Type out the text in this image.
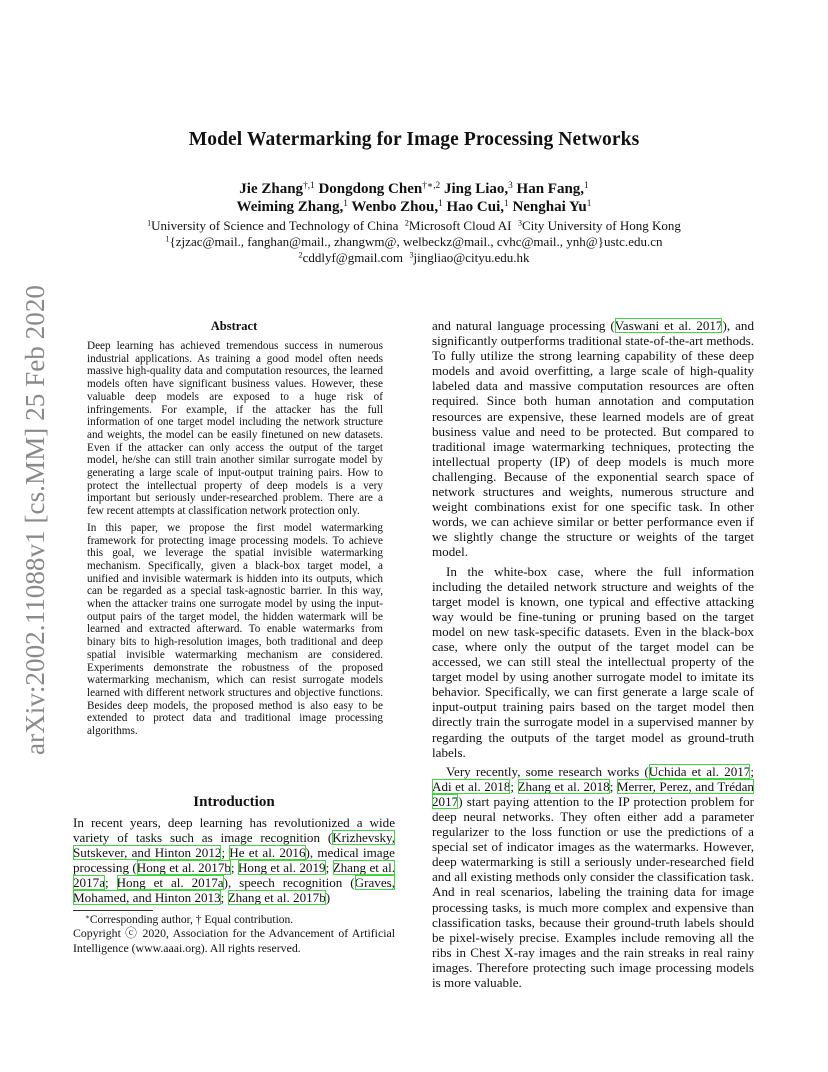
arXiv:2002.11088v1 [cs.MM] 25 Feb 2020
Model Watermarking for Image Processing Networks
Jie Zhang$^{\dagger,1}$ Dongdong Chen$^{\dagger∗,2}$ Jing Liao,$^3$ Han Fang,$^1$
Weiming Zhang,$^1$ Wenbo Zhou,$^1$ Hao Cui,$^1$ Nenghai Yu$^1$
$^1$University of Science and Technology of China $^2$Microsoft Cloud AI $^3$City University of Hong Kong
$^1${zjzac@mail., fanghan@mail., zhangwm@, welbeckz@mail., cvhc@mail., ynh@}ustc.edu.cn
$^2$cddlyf@gmail.com $^3$jingliao@cityu.edu.hk
Abstract

Deep learning has achieved tremendous success in numerous industrial applications. As training a good model often needs massive high-quality data and computation resources, the learned models often have significant business values. However, these valuable deep models are exposed to a huge risk of infringements. For example, if the attacker has the full information of one target model including the network structure and weights, the model can be easily finetuned on new datasets. Even if the attacker can only access the output of the target model, he/she can still train another similar surrogate model by generating a large scale of input-output training pairs. How to protect the intellectual property of deep models is a very important but seriously under-researched problem. There are a few recent attempts at classification network protection only.

In this paper, we propose the first model watermarking framework for protecting image processing models. To achieve this goal, we leverage the spatial invisible watermarking mechanism. Specifically, given a black-box target model, a unified and invisible watermark is hidden into its outputs, which can be regarded as a special task-agnostic barrier. In this way, when the attacker trains one surrogate model by using the input-output pairs of the target model, the hidden watermark will be learned and extracted afterward. To enable watermarks from binary bits to high-resolution images, both traditional and deep spatial invisible watermarking mechanism are considered. Experiments demonstrate the robustness of the proposed watermarking mechanism, which can resist surrogate models learned with different network structures and objective functions. Besides deep models, the proposed method is also easy to be extended to protect data and traditional image processing algorithms.

Introduction

In recent years, deep learning has revolutionized a wide variety of tasks such as image recognition (Krizhevsky, Sutskever, and Hinton 2012; He et al. 2016), medical image processing (Hong et al. 2017b; Hong et al. 2019; Zhang et al. 2017a; Hong et al. 2017a), speech recognition (Graves, Mohamed, and Hinton 2013; Zhang et al. 2017b)

∗Corresponding author, † Equal contribution.
Copyright ⓒ 2020, Association for the Advancement of Artificial Intelligence (www.aaai.org). All rights reserved.

and natural language processing (Vaswani et al. 2017), and significantly outperforms traditional state-of-the-art methods. To fully utilize the strong learning capability of these deep models and avoid overfitting, a large scale of high-quality labeled data and massive computation resources are often required. Since both human annotation and computation resources are expensive, these learned models are of great business value and need to be protected. But compared to traditional image watermarking techniques, protecting the intellectual property (IP) of deep models is much more challenging. Because of the exponential search space of network structures and weights, numerous structure and weight combinations exist for one specific task. In other words, we can achieve similar or better performance even if we slightly change the structure or weights of the target model.

In the white-box case, where the full information including the detailed network structure and weights of the target model is known, one typical and effective attacking way would be fine-tuning or pruning based on the target model on new task-specific datasets. Even in the black-box case, where only the output of the target model can be accessed, we can still steal the intellectual property of the target model by using another surrogate model to imitate its behavior. Specifically, we can first generate a large scale of input-output training pairs based on the target model then directly train the surrogate model in a supervised manner by regarding the outputs of the target model as ground-truth labels.

Very recently, some research works (Uchida et al. 2017; Adi et al. 2018; Zhang et al. 2018; Merrer, Perez, and Trédan 2017) start paying attention to the IP protection problem for deep neural networks. They often either add a parameter regularizer to the loss function or use the predictions of a special set of indicator images as the watermarks. However, deep watermarking is still a seriously under-researched field and all existing methods only consider the classification task. And in real scenarios, labeling the training data for image processing tasks, is much more complex and expensive than classification tasks, because their ground-truth labels should be pixel-wisely precise. Examples include removing all the ribs in Chest X-ray images and the rain streaks in real rainy images. Therefore protecting such image processing models is more valuable.
